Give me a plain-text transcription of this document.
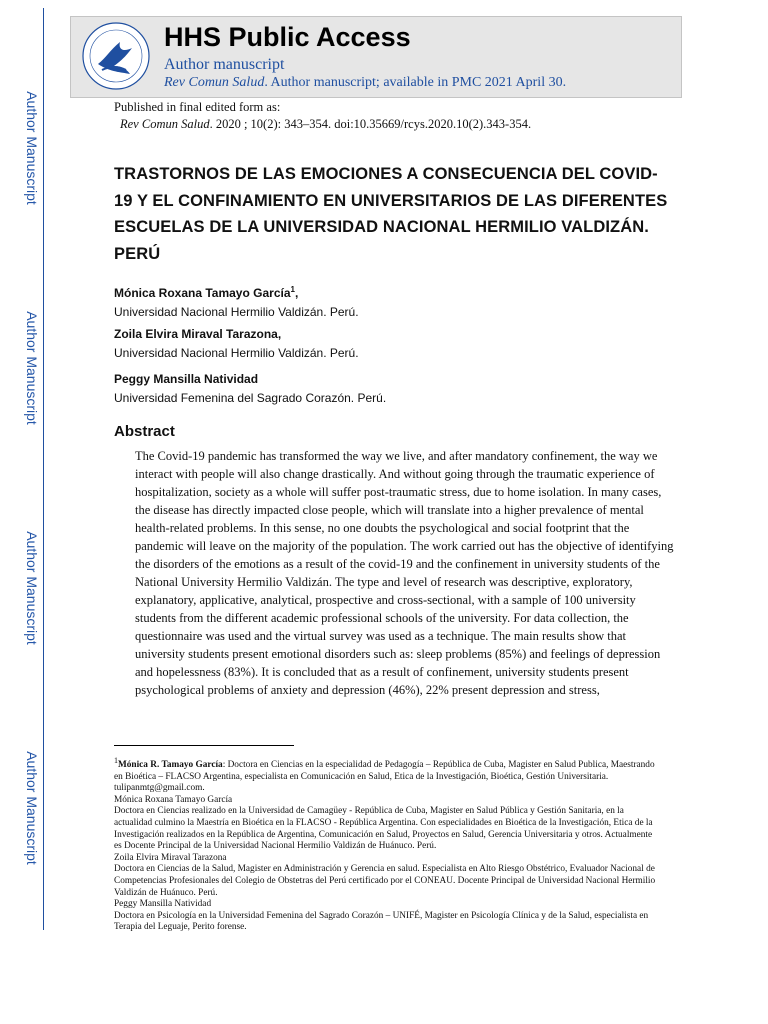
Author Manuscript
Author Manuscript
Author Manuscript
Author Manuscript
HHS Public Access
Author manuscript
Rev Comun Salud. Author manuscript; available in PMC 2021 April 30.
Published in final edited form as:
Rev Comun Salud. 2020 ; 10(2): 343–354. doi:10.35669/rcys.2020.10(2).343-354.
TRASTORNOS DE LAS EMOCIONES A CONSECUENCIA DEL COVID-19 Y EL CONFINAMIENTO EN UNIVERSITARIOS DE LAS DIFERENTES ESCUELAS DE LA UNIVERSIDAD NACIONAL HERMILIO VALDIZÁN. PERÚ
Mónica Roxana Tamayo García$^1$,
Universidad Nacional Hermilio Valdizán. Perú.
Zoila Elvira Miraval Tarazona,
Universidad Nacional Hermilio Valdizán. Perú.
Peggy Mansilla Natividad
Universidad Femenina del Sagrado Corazón. Perú.
Abstract

The Covid-19 pandemic has transformed the way we live, and after mandatory confinement, the way we interact with people will also change drastically. And without going through the traumatic experience of hospitalization, society as a whole will suffer post-traumatic stress, due to home isolation. In many cases, the disease has directly impacted close people, which will translate into a higher prevalence of mental health-related problems. In this sense, no one doubts the psychological and social footprint that the pandemic will leave on the majority of the population. The work carried out has the objective of identifying the disorders of the emotions as a result of the covid-19 and the confinement in university students of the National University Hermilio Valdizán. The type and level of research was descriptive, exploratory, explanatory, applicative, analytical, prospective and cross-sectional, with a sample of 100 university students from the different academic professional schools of the university. For data collection, the questionnaire was used and the virtual survey was used as a technique. The main results show that university students present emotional disorders such as: sleep problems (85%) and feelings of depression and hopelessness (83%). It is concluded that as a result of confinement, university students present psychological problems of anxiety and depression (46%), 22% present depression and stress,

$^1$Mónica R. Tamayo García: Doctora en Ciencias en la especialidad de Pedagogía – República de Cuba, Magister en Salud Publica, Maestrando en Bioética – FLACSO Argentina, especialista en Comunicación en Salud, Etica de la Investigación, Bioética, Gestión Universitaria. tulipanmtg@gmail.com.

Mónica Roxana Tamayo García

Doctora en Ciencias realizado en la Universidad de Camagüey - República de Cuba, Magister en Salud Pública y Gestión Sanitaria, en la actualidad culmino la Maestría en Bioética en la FLACSO - República Argentina. Con especialidades en Bioética de la Investigación, Etica de la Investigación realizados en la República de Argentina, Comunicación en Salud, Proyectos en Salud, Gerencia Universitaria y otros. Actualmente es Docente Principal de la Universidad Nacional Hermilio Valdizán de Huánuco. Perú.

Zoila Elvira Miraval Tarazona

Doctora en Ciencias de la Salud, Magister en Administración y Gerencia en salud. Especialista en Alto Riesgo Obstétrico, Evaluador Nacional de Competencias Profesionales del Colegio de Obstetras del Perú certificado por el CONEAU. Docente Principal de Universidad Nacional Hermilio Valdizán de Huánuco. Perú.

Peggy Mansilla Natividad

Doctora en Psicología en la Universidad Femenina del Sagrado Corazón – UNIFÉ, Magister en Psicología Clínica y de la Salud, especialista en Terapia del Leguaje, Perito forense.
